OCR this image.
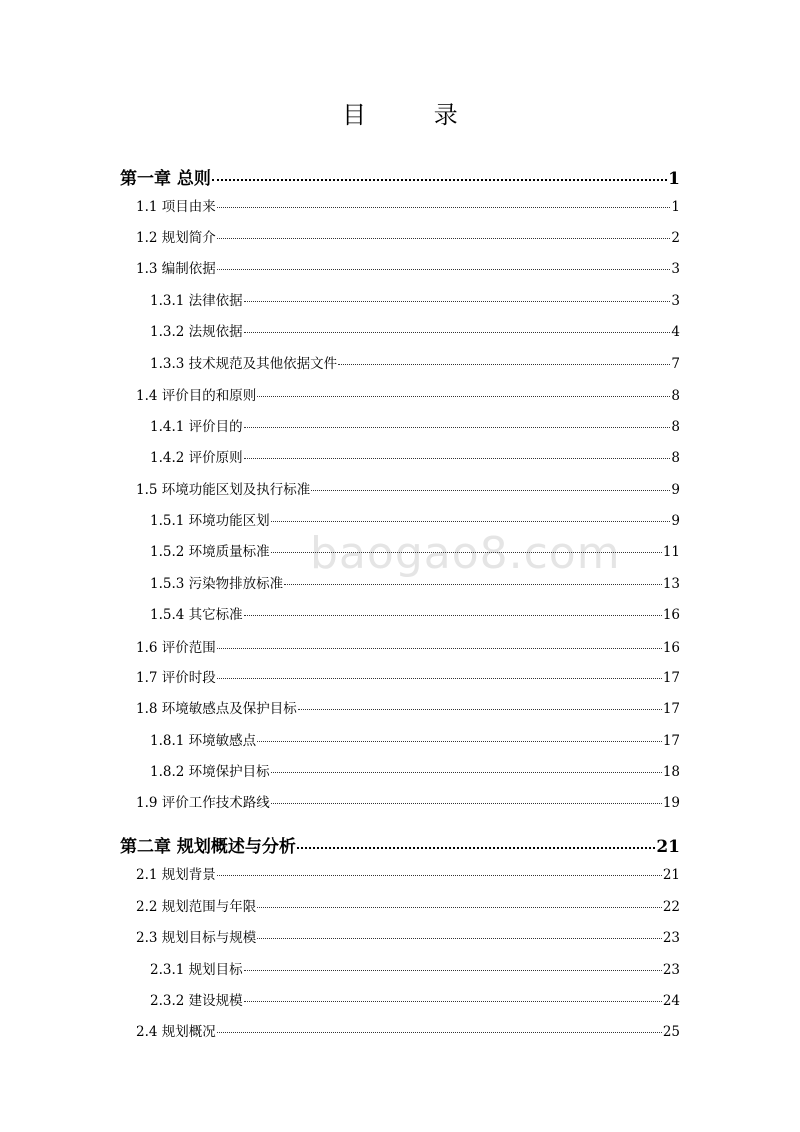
目 录
baogao8.com
第一章 总则	1
1.1 项目由来	1
1.2 规划简介	2
1.3 编制依据	3
1.3.1 法律依据	3
1.3.2 法规依据	4
1.3.3 技术规范及其他依据文件	7
1.4 评价目的和原则	8
1.4.1 评价目的	8
1.4.2 评价原则	8
1.5 环境功能区划及执行标准	9
1.5.1 环境功能区划	9
1.5.2 环境质量标准	11
1.5.3 污染物排放标准	13
1.5.4 其它标准	16
1.6 评价范围	16
1.7 评价时段	17
1.8 环境敏感点及保护目标	17
1.8.1 环境敏感点	17
1.8.2 环境保护目标	18
1.9 评价工作技术路线	19
第二章 规划概述与分析	21
2.1 规划背景	21
2.2 规划范围与年限	22
2.3 规划目标与规模	23
2.3.1 规划目标	23
2.3.2 建设规模	24
2.4 规划概况	25
